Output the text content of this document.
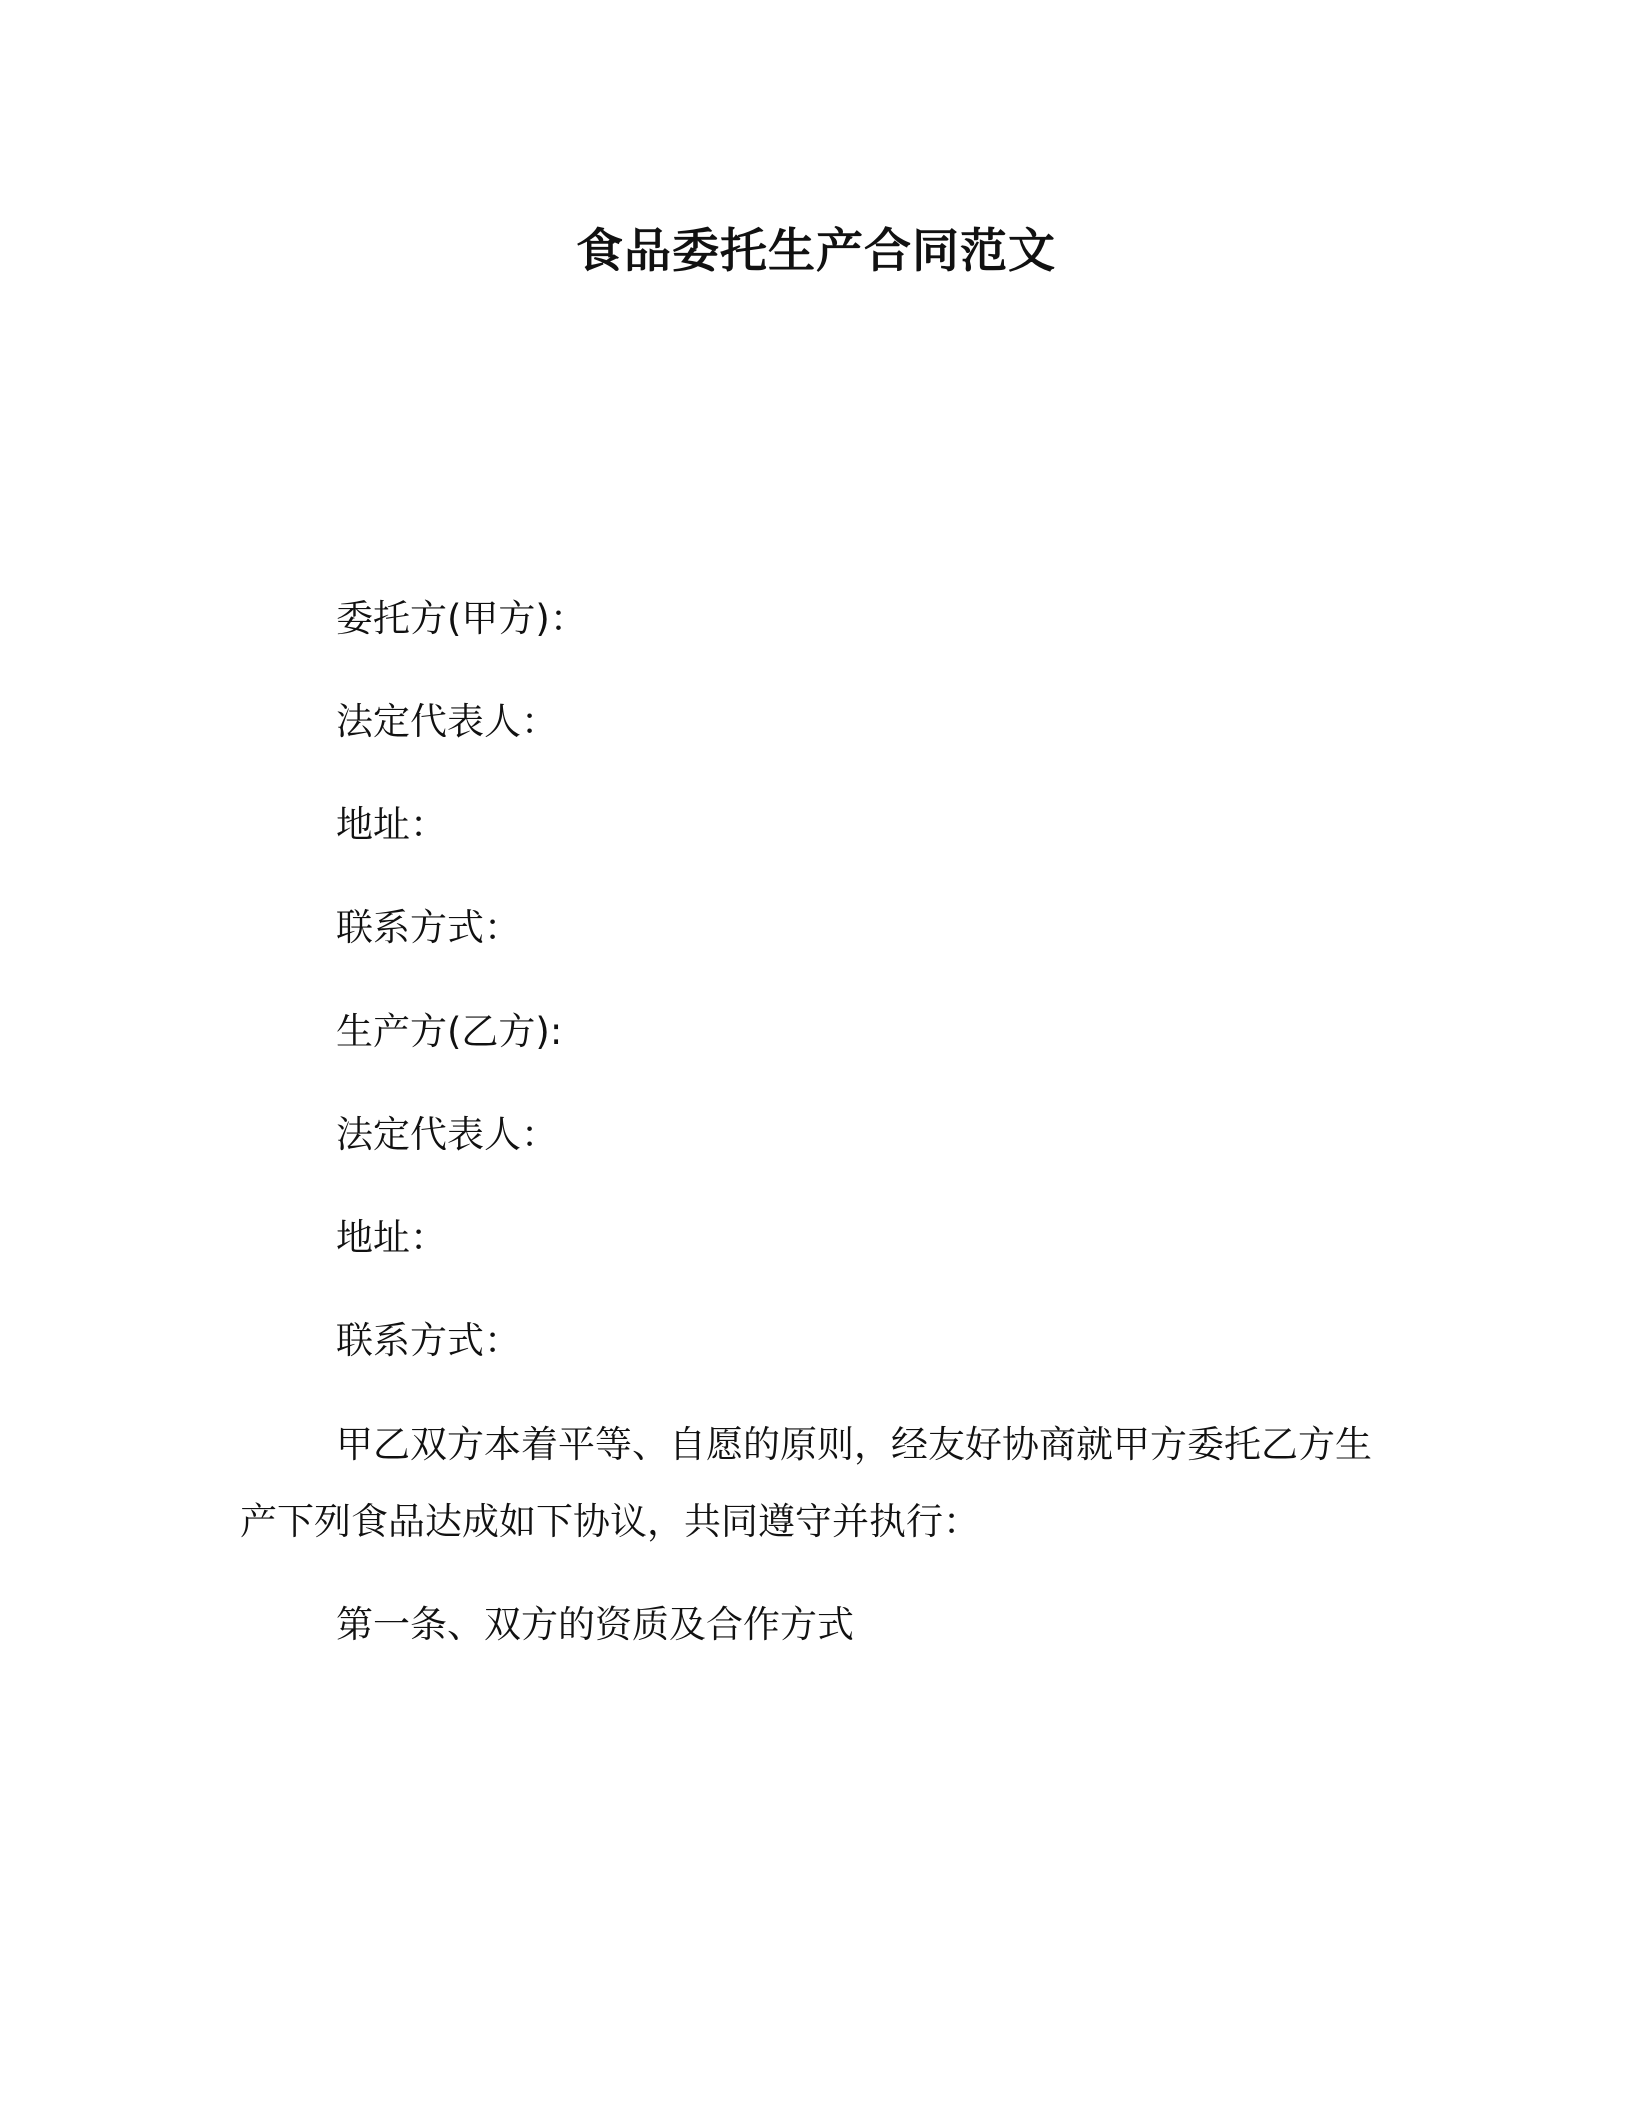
食品委托生产合同范文
委托方(甲方)：
法定代表人：
地址：
联系方式：
生产方(乙方):
法定代表人：
地址：
联系方式：
甲乙双方本着平等、自愿的原则，经友好协商就甲方委托乙方生
产下列食品达成如下协议，共同遵守并执行：
第一条、双方的资质及合作方式
